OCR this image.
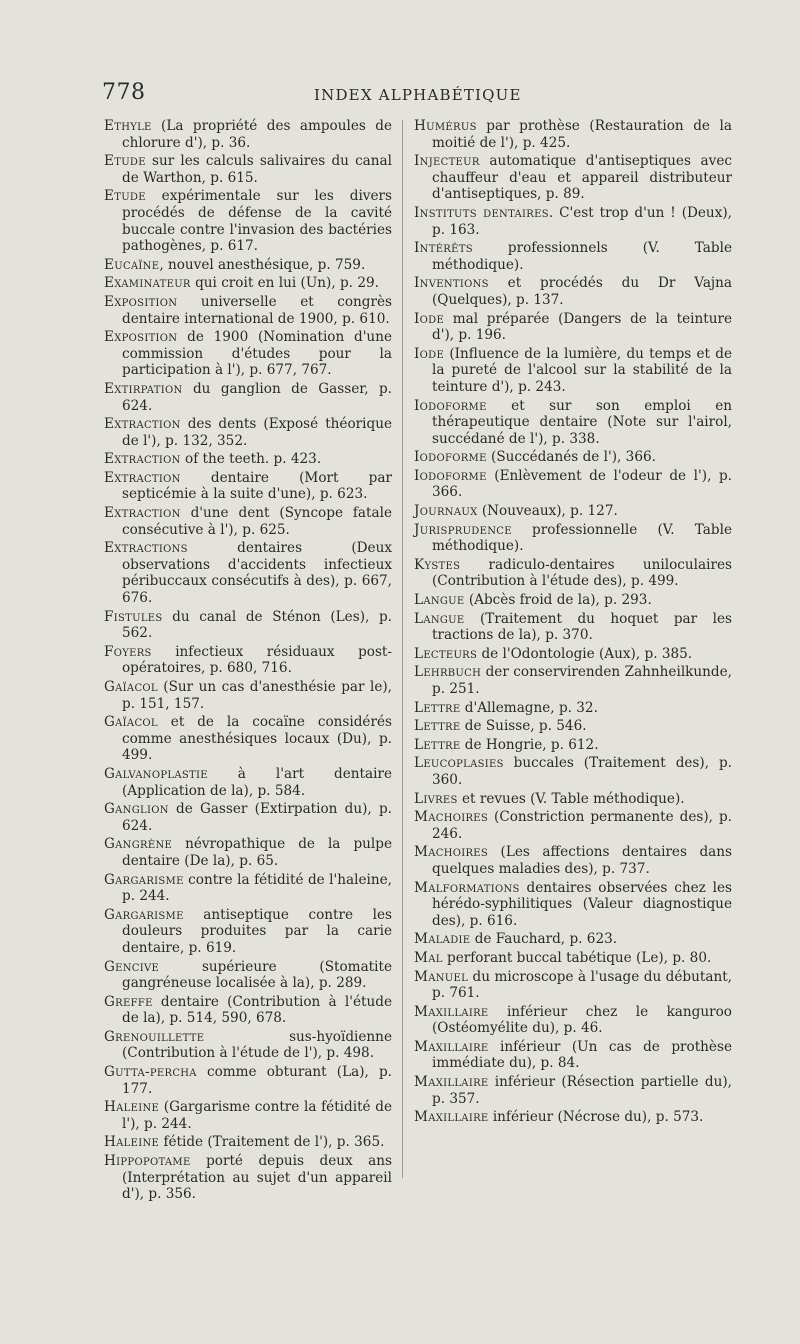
778	INDEX ALPHABÉTIQUE

Ethyle (La propriété des ampoules de chlorure d'), p. 36.

Etude sur les calculs salivaires du canal de Warthon, p. 615.

Etude expérimentale sur les divers procédés de défense de la cavité buccale contre l'invasion des bactéries pathogènes, p. 617.

Eucaïne, nouvel anesthésique, p. 759.

Examinateur qui croit en lui (Un), p. 29.

Exposition universelle et congrès dentaire international de 1900, p. 610.

Exposition de 1900 (Nomination d'une commission d'études pour la participation à l'), p. 677, 767.

Extirpation du ganglion de Gasser, p. 624.

Extraction des dents (Exposé théorique de l'), p. 132, 352.

Extraction of the teeth. p. 423.

Extraction dentaire (Mort par septicémie à la suite d'une), p. 623.

Extraction d'une dent (Syncope fatale consécutive à l'), p. 625.

Extractions dentaires (Deux observations d'accidents infectieux péribuccaux consécutifs à des), p. 667, 676.

Fistules du canal de Sténon (Les), p. 562.

Foyers infectieux résiduaux post-opératoires, p. 680, 716.

Gaïacol (Sur un cas d'anesthésie par le), p. 151, 157.

Gaïacol et de la cocaïne considérés comme anesthésiques locaux (Du), p. 499.

Galvanoplastie à l'art dentaire (Application de la), p. 584.

Ganglion de Gasser (Extirpation du), p. 624.

Gangrène névropathique de la pulpe dentaire (De la), p. 65.

Gargarisme contre la fétidité de l'haleine, p. 244.

Gargarisme antiseptique contre les douleurs produites par la carie dentaire, p. 619.

Gencive supérieure (Stomatite gangréneuse localisée à la), p. 289.

Greffe dentaire (Contribution à l'étude de la), p. 514, 590, 678.

Grenouillette sus-hyoïdienne (Contribution à l'étude de l'), p. 498.

Gutta-percha comme obturant (La), p. 177.

Haleine (Gargarisme contre la fétidité de l'), p. 244.

Haleine fétide (Traitement de l'), p. 365.

Hippopotame porté depuis deux ans (Interprétation au sujet d'un appareil d'), p. 356.

Humérus par prothèse (Restauration de la moitié de l'), p. 425.

Injecteur automatique d'antiseptiques avec chauffeur d'eau et appareil distributeur d'antiseptiques, p. 89.

Instituts dentaires. C'est trop d'un ! (Deux), p. 163.

Intérêts professionnels (V. Table méthodique).

Inventions et procédés du Dr Vajna (Quelques), p. 137.

Iode mal préparée (Dangers de la teinture d'), p. 196.

Iode (Influence de la lumière, du temps et de la pureté de l'alcool sur la stabilité de la teinture d'), p. 243.

Iodoforme et sur son emploi en thérapeutique dentaire (Note sur l'airol, succédané de l'), p. 338.

Iodoforme (Succédanés de l'), 366.

Iodoforme (Enlèvement de l'odeur de l'), p. 366.

Journaux (Nouveaux), p. 127.

Jurisprudence professionnelle (V. Table méthodique).

Kystes radiculo-dentaires uniloculaires (Contribution à l'étude des), p. 499.

Langue (Abcès froid de la), p. 293.

Langue (Traitement du hoquet par les tractions de la), p. 370.

Lecteurs de l'Odontologie (Aux), p. 385.

Lehrbuch der conservirenden Zahnheilkunde, p. 251.

Lettre d'Allemagne, p. 32.

Lettre de Suisse, p. 546.

Lettre de Hongrie, p. 612.

Leucoplasies buccales (Traitement des), p. 360.

Livres et revues (V. Table méthodique).

Machoires (Constriction permanente des), p. 246.

Machoires (Les affections dentaires dans quelques maladies des), p. 737.

Malformations dentaires observées chez les hérédo-syphilitiques (Valeur diagnostique des), p. 616.

Maladie de Fauchard, p. 623.

Mal perforant buccal tabétique (Le), p. 80.

Manuel du microscope à l'usage du débutant, p. 761.

Maxillaire inférieur chez le kanguroo (Ostéomyélite du), p. 46.

Maxillaire inférieur (Un cas de prothèse immédiate du), p. 84.

Maxillaire inférieur (Résection partielle du), p. 357.

Maxillaire inférieur (Nécrose du), p. 573.
